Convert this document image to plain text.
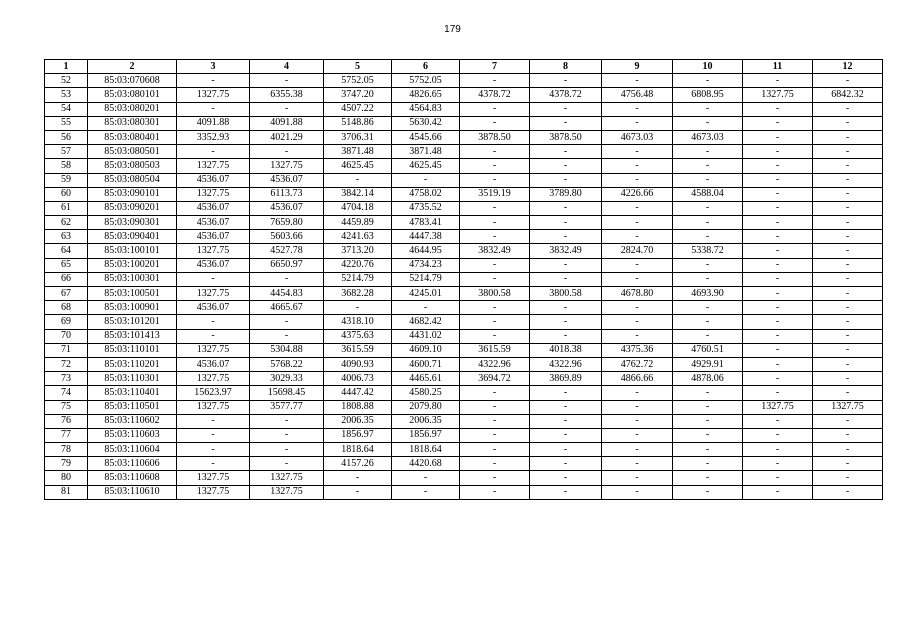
179
1	2	3	4	5	6	7	8	9	10	11	12
52	85:03:070608	-	-	5752.05	5752.05	-	-	-	-	-	-
53	85:03:080101	1327.75	6355.38	3747.20	4826.65	4378.72	4378.72	4756.48	6808.95	1327.75	6842.32
54	85:03:080201	-	-	4507.22	4564.83	-	-	-	-	-	-
55	85:03:080301	4091.88	4091.88	5148.86	5630.42	-	-	-	-	-	-
56	85:03:080401	3352.93	4021.29	3706.31	4545.66	3878.50	3878.50	4673.03	4673.03	-	-
57	85:03:080501	-	-	3871.48	3871.48	-	-	-	-	-	-
58	85:03:080503	1327.75	1327.75	4625.45	4625.45	-	-	-	-	-	-
59	85:03:080504	4536.07	4536.07	-	-	-	-	-	-	-	-
60	85:03:090101	1327.75	6113.73	3842.14	4758.02	3519.19	3789.80	4226.66	4588.04	-	-
61	85:03:090201	4536.07	4536.07	4704.18	4735.52	-	-	-	-	-	-
62	85:03:090301	4536.07	7659.80	4459.89	4783.41	-	-	-	-	-	-
63	85:03:090401	4536.07	5603.66	4241.63	4447.38	-	-	-	-	-	-
64	85:03:100101	1327.75	4527.78	3713.20	4644.95	3832.49	3832.49	2824.70	5338.72	-	-
65	85:03:100201	4536.07	6650.97	4220.76	4734.23	-	-	-	-	-	-
66	85:03:100301	-	-	5214.79	5214.79	-	-	-	-	-	-
67	85:03:100501	1327.75	4454.83	3682.28	4245.01	3800.58	3800.58	4678.80	4693.90	-	-
68	85:03:100901	4536.07	4665.67	-	-	-	-	-	-	-	-
69	85:03:101201	-	-	4318.10	4682.42	-	-	-	-	-	-
70	85:03:101413	-	-	4375.63	4431.02	-	-	-	-	-	-
71	85:03:110101	1327.75	5304.88	3615.59	4609.10	3615.59	4018.38	4375.36	4760.51	-	-
72	85:03:110201	4536.07	5768.22	4090.93	4600.71	4322.96	4322.96	4762.72	4929.91	-	-
73	85:03:110301	1327.75	3029.33	4006.73	4465.61	3694.72	3869.89	4866.66	4878.06	-	-
74	85:03:110401	15623.97	15698.45	4447.42	4580.25	-	-	-	-	-	-
75	85:03:110501	1327.75	3577.77	1808.88	2079.80	-	-	-	-	1327.75	1327.75
76	85:03:110602	-	-	2006.35	2006.35	-	-	-	-	-	-
77	85:03:110603	-	-	1856.97	1856.97	-	-	-	-	-	-
78	85:03:110604	-	-	1818.64	1818.64	-	-	-	-	-	-
79	85:03:110606	-	-	4157.26	4420.68	-	-	-	-	-	-
80	85:03:110608	1327.75	1327.75	-	-	-	-	-	-	-	-
81	85:03:110610	1327.75	1327.75	-	-	-	-	-	-	-	-
